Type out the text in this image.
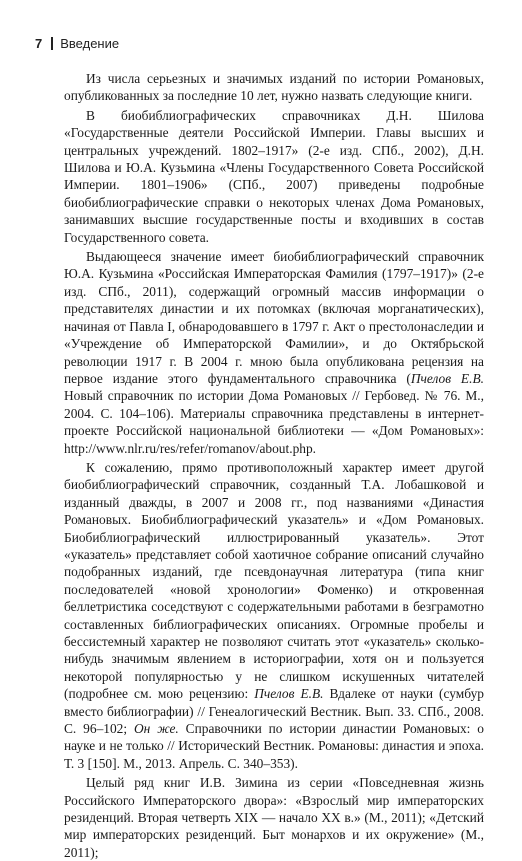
7 Введение

Из числа серьезных и значимых изданий по истории Романовых, опубликованных за последние 10 лет, нужно назвать следующие книги.

В биобиблиографических справочниках Д.Н. Шилова «Государственные деятели Российской Империи. Главы высших и центральных учреждений. 1802–1917» (2-е изд. СПб., 2002), Д.Н. Шилова и Ю.А. Кузьмина «Члены Государственного Совета Российской Империи. 1801–1906» (СПб., 2007) приведены подробные биобиблиографические справки о некоторых членах Дома Романовых, занимавших высшие государственные посты и входивших в состав Государственного совета.

Выдающееся значение имеет биобиблиографический справочник Ю.А. Кузьмина «Российская Императорская Фамилия (1797–1917)» (2-е изд. СПб., 2011), содержащий огромный массив информации о представителях династии и их потомках (включая морганатических), начиная от Павла I, обнародовавшего в 1797 г. Акт о престолонаследии и «Учреждение об Императорской Фамилии», и до Октябрьской революции 1917 г. В 2004 г. мною была опубликована рецензия на первое издание этого фундаментального справочника (Пчелов Е.В. Новый справочник по истории Дома Романовых // Гербовед. № 76. М., 2004. С. 104–106). Материалы справочника представлены в интернет-проекте Российской национальной библиотеки — «Дом Романовых»: http://www.nlr.ru/res/refer/romanov/about.php.

К сожалению, прямо противоположный характер имеет другой биобиблиографический справочник, созданный Т.А. Лобашковой и изданный дважды, в 2007 и 2008 гг., под названиями «Династия Романовых. Биобиблиографический указатель» и «Дом Романовых. Биобиблиографический иллюстрированный указатель». Этот «указатель» представляет собой хаотичное собрание описаний случайно подобранных изданий, где псевдонаучная литература (типа книг последователей «новой хронологии» Фоменко) и откровенная беллетристика соседствуют с содержательными работами в безграмотно составленных библиографических описаниях. Огромные пробелы и бессистемный характер не позволяют считать этот «указатель» сколько-нибудь значимым явлением в историографии, хотя он и пользуется некоторой популярностью у не слишком искушенных читателей (подробнее см. мою рецензию: Пчелов Е.В. Вдалеке от науки (сумбур вместо библиографии) // Генеалогический Вестник. Вып. 33. СПб., 2008. С. 96–102; Он же. Справочники по истории династии Романовых: о науке и не только // Исторический Вестник. Романовы: династия и эпоха. Т. 3 [150]. М., 2013. Апрель. С. 340–353).

Целый ряд книг И.В. Зимина из серии «Повседневная жизнь Российского Императорского двора»: «Взрослый мир императорских резиденций. Вторая четверть XIX — начало XX в.» (М., 2011); «Детский мир императорских резиденций. Быт монархов и их окружение» (М., 2011);
